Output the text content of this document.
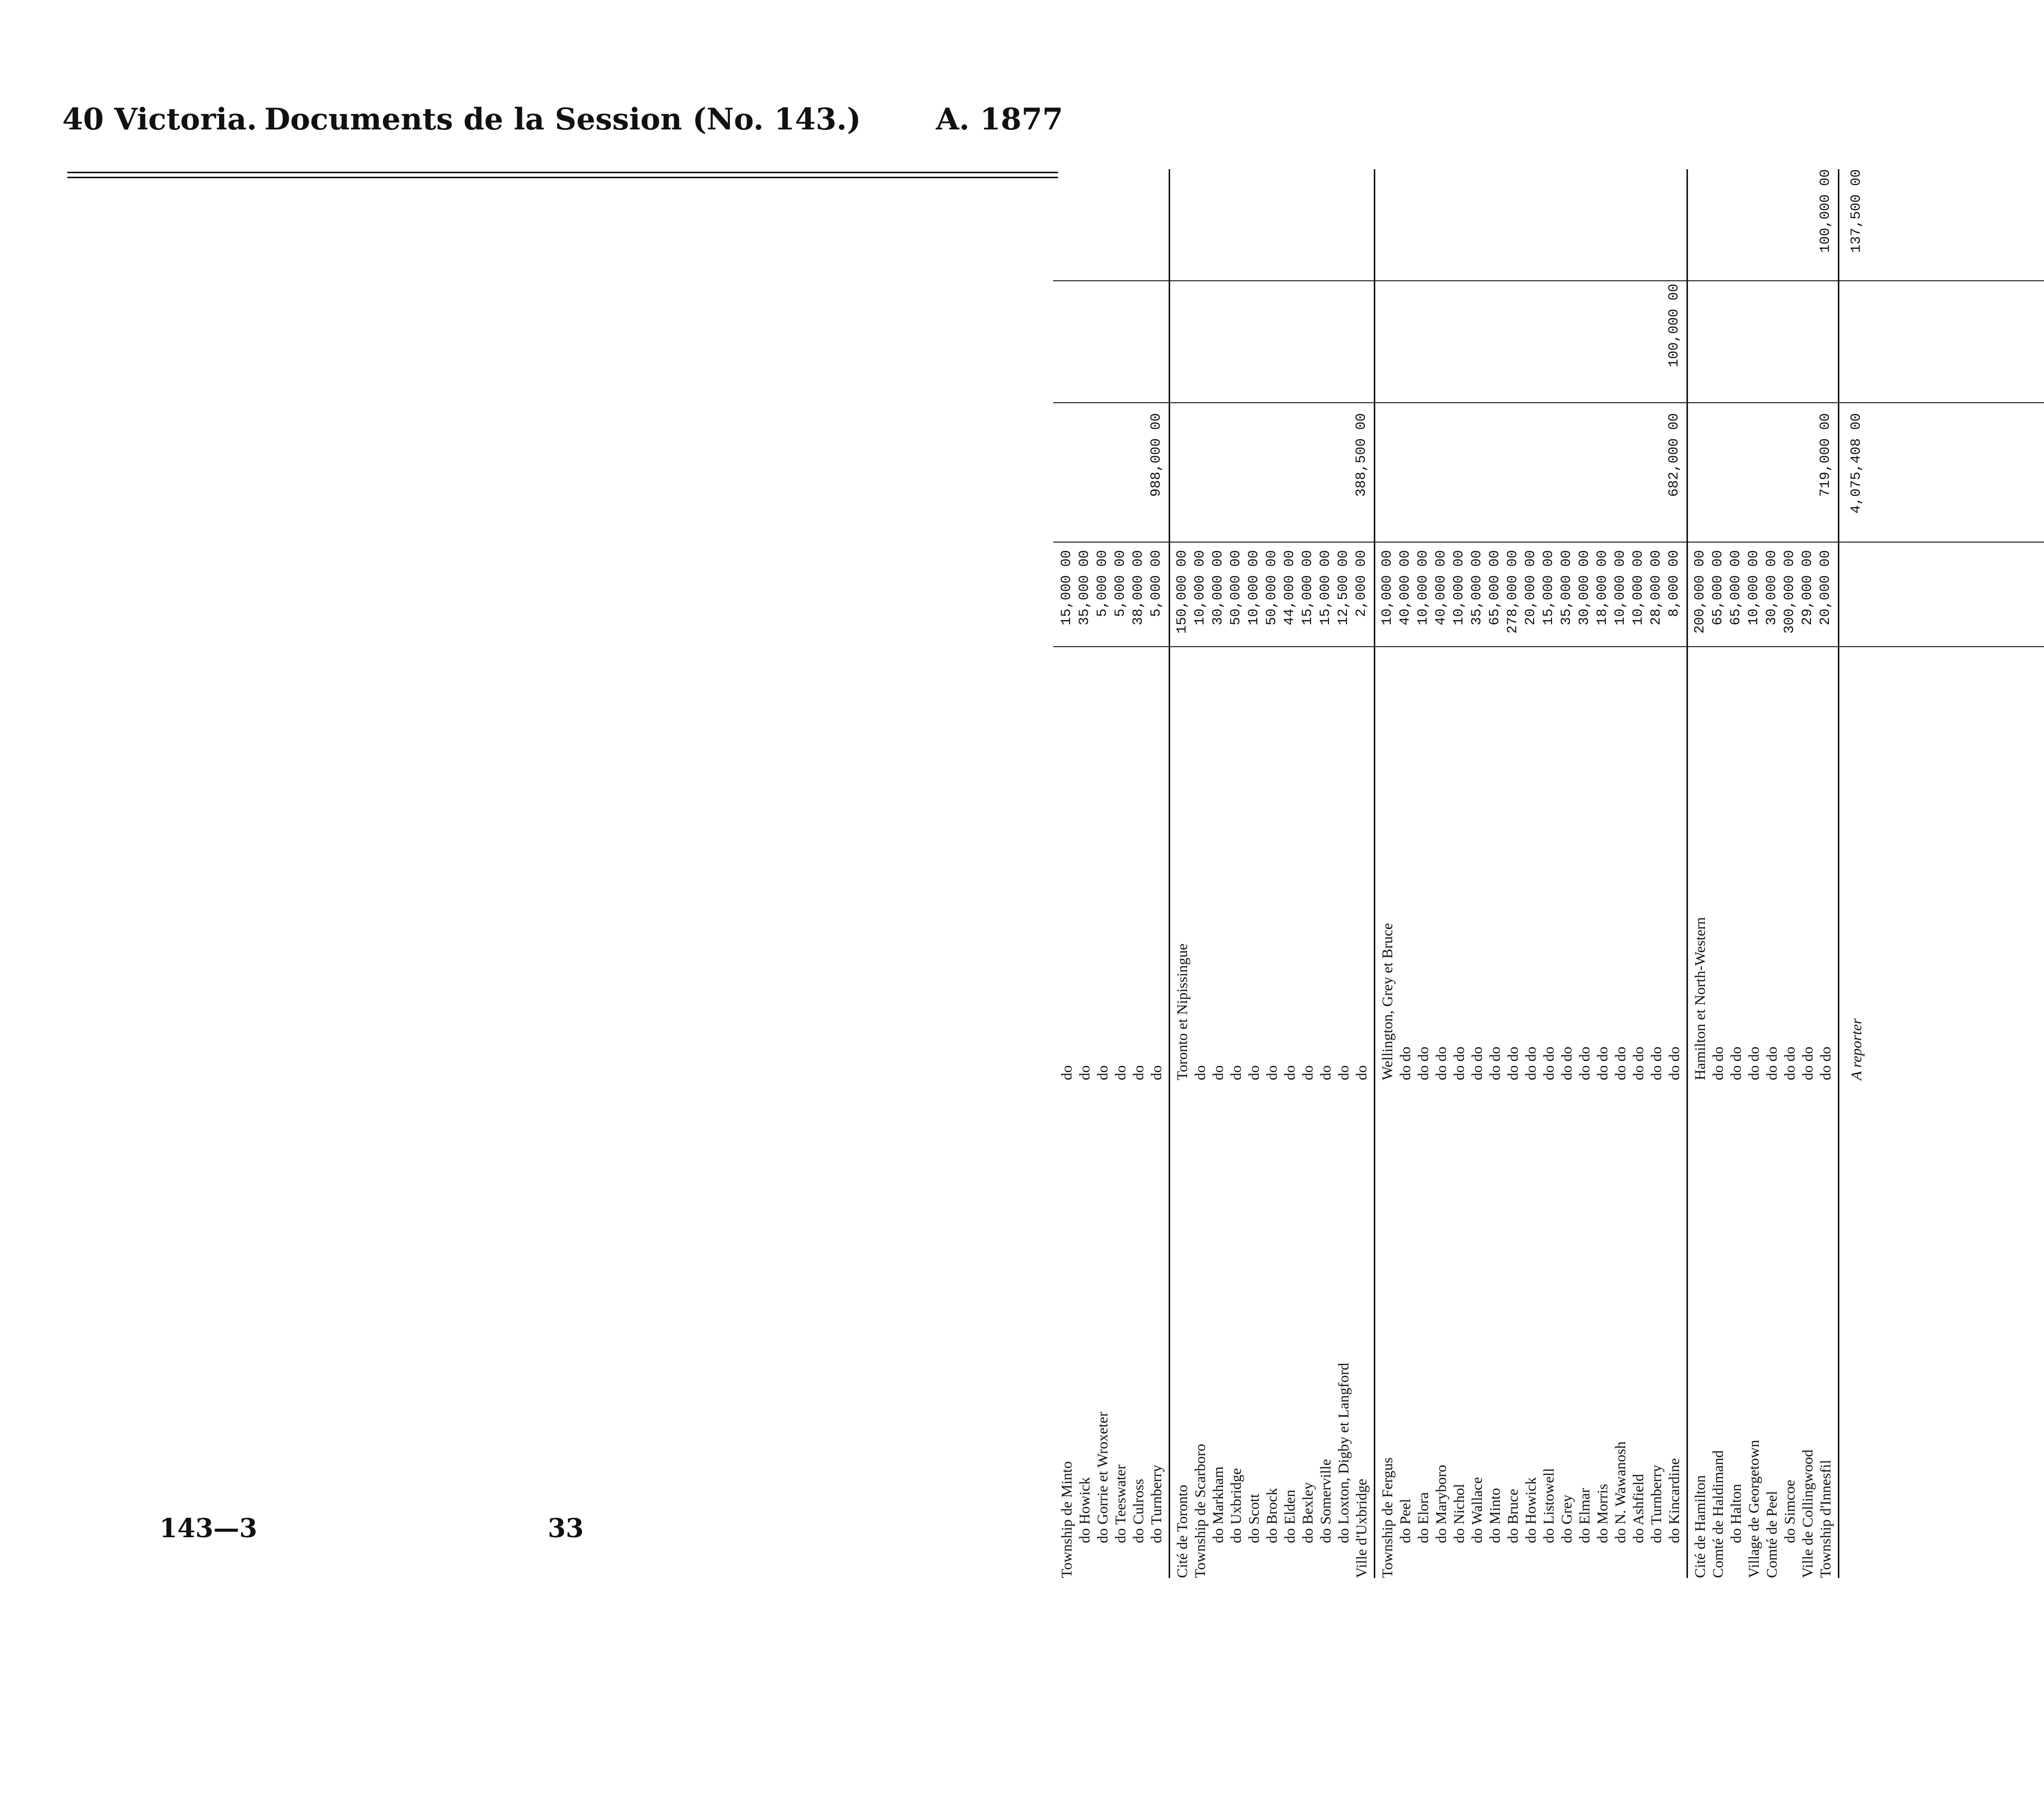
40 Victoria. Documents de la Session (No. 143.)	A. 1877
Township de Minto
do
15,000 00
do Howick
do
35,000 00
do Gorrie et Wroxeter
do
5,000 00
do Teeswater
do
5,000 00
do Culross
do
38,000 00
do Turnberry
do
5,000 00
988,000 00
Cité de Toronto
Toronto et Nipissingue
150,000 00
Township de Scarboro
do
10,000 00
do Markham
do
30,000 00
do Uxbridge
do
50,000 00
do Scott
do
10,000 00
do Brock
do
50,000 00
do Elden
do
44,000 00
do Bexley
do
15,000 00
do Somerville
do
15,000 00
do Loxton, Digby et Langford
do
12,500 00
Ville d'Uxbridge
do
2,000 00
388,500 00
Township de Fergus
Wellington, Grey et Bruce
10,000 00
do Peel
do do
40,000 00
do Elora
do do
10,000 00
do Maryboro
do do
40,000 00
do Nichol
do do
10,000 00
do Wallace
do do
35,000 00
do Minto
do do
65,000 00
do Bruce
do do
278,000 00
do Howick
do do
20,000 00
do Listowell
do do
15,000 00
do Grey
do do
35,000 00
do Elmar
do do
30,000 00
do Morris
do do
18,000 00
do N. Wawanosh
do do
10,000 00
do Ashfield
do do
10,000 00
do Turnberry
do do
28,000 00
do Kincardine
do do
8,000 00
682,000 00
100,000 00
Cité de Hamilton
Hamilton et North-Western
200,000 00
Comté de Haldimand
do do
65,000 00
do Halton
do do
65,000 00
Village de Georgetown
do do
10,000 00
Comté de Peel
do do
30,000 00
do Simcoe
do do
300,000 00
Ville de Collingwood
do do
29,000 00
Township d'Innesfil
do do
20,000 00
719,000 00
100,000 00
A reporter
4,075,408 00
137,500 00
143—3	33
